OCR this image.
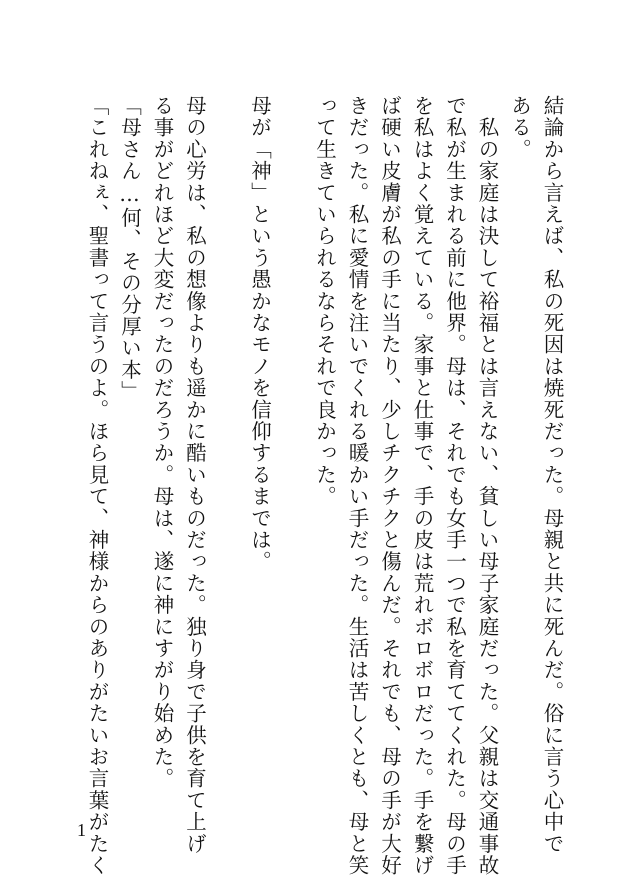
結論から言えば、私の死因は焼死だった。母親と共に死んだ。俗に言う心中で
ある。
　私の家庭は決して裕福とは言えない、貧しい母子家庭だった。父親は交通事故
で私が生まれる前に他界。母は、それでも女手一つで私を育ててくれた。母の手
を私はよく覚えている。家事と仕事で、手の皮は荒れボロボロだった。手を繋げ
ば硬い皮膚が私の手に当たり、少しチクチクと傷んだ。それでも、母の手が大好
きだった。私に愛情を注いでくれる暖かい手だった。生活は苦しくとも、母と笑
って生きていられるならそれで良かった。
母が「神」という愚かなモノを信仰するまでは。
母の心労は、私の想像よりも遥かに酷いものだった。独り身で子供を育て上げ
る事がどれほど大変だったのだろうか。母は、遂に神にすがり始めた。
「母さん…何、その分厚い本」
「これねぇ、聖書って言うのよ。ほら見て、神様からのありがたいお言葉がたく
1
